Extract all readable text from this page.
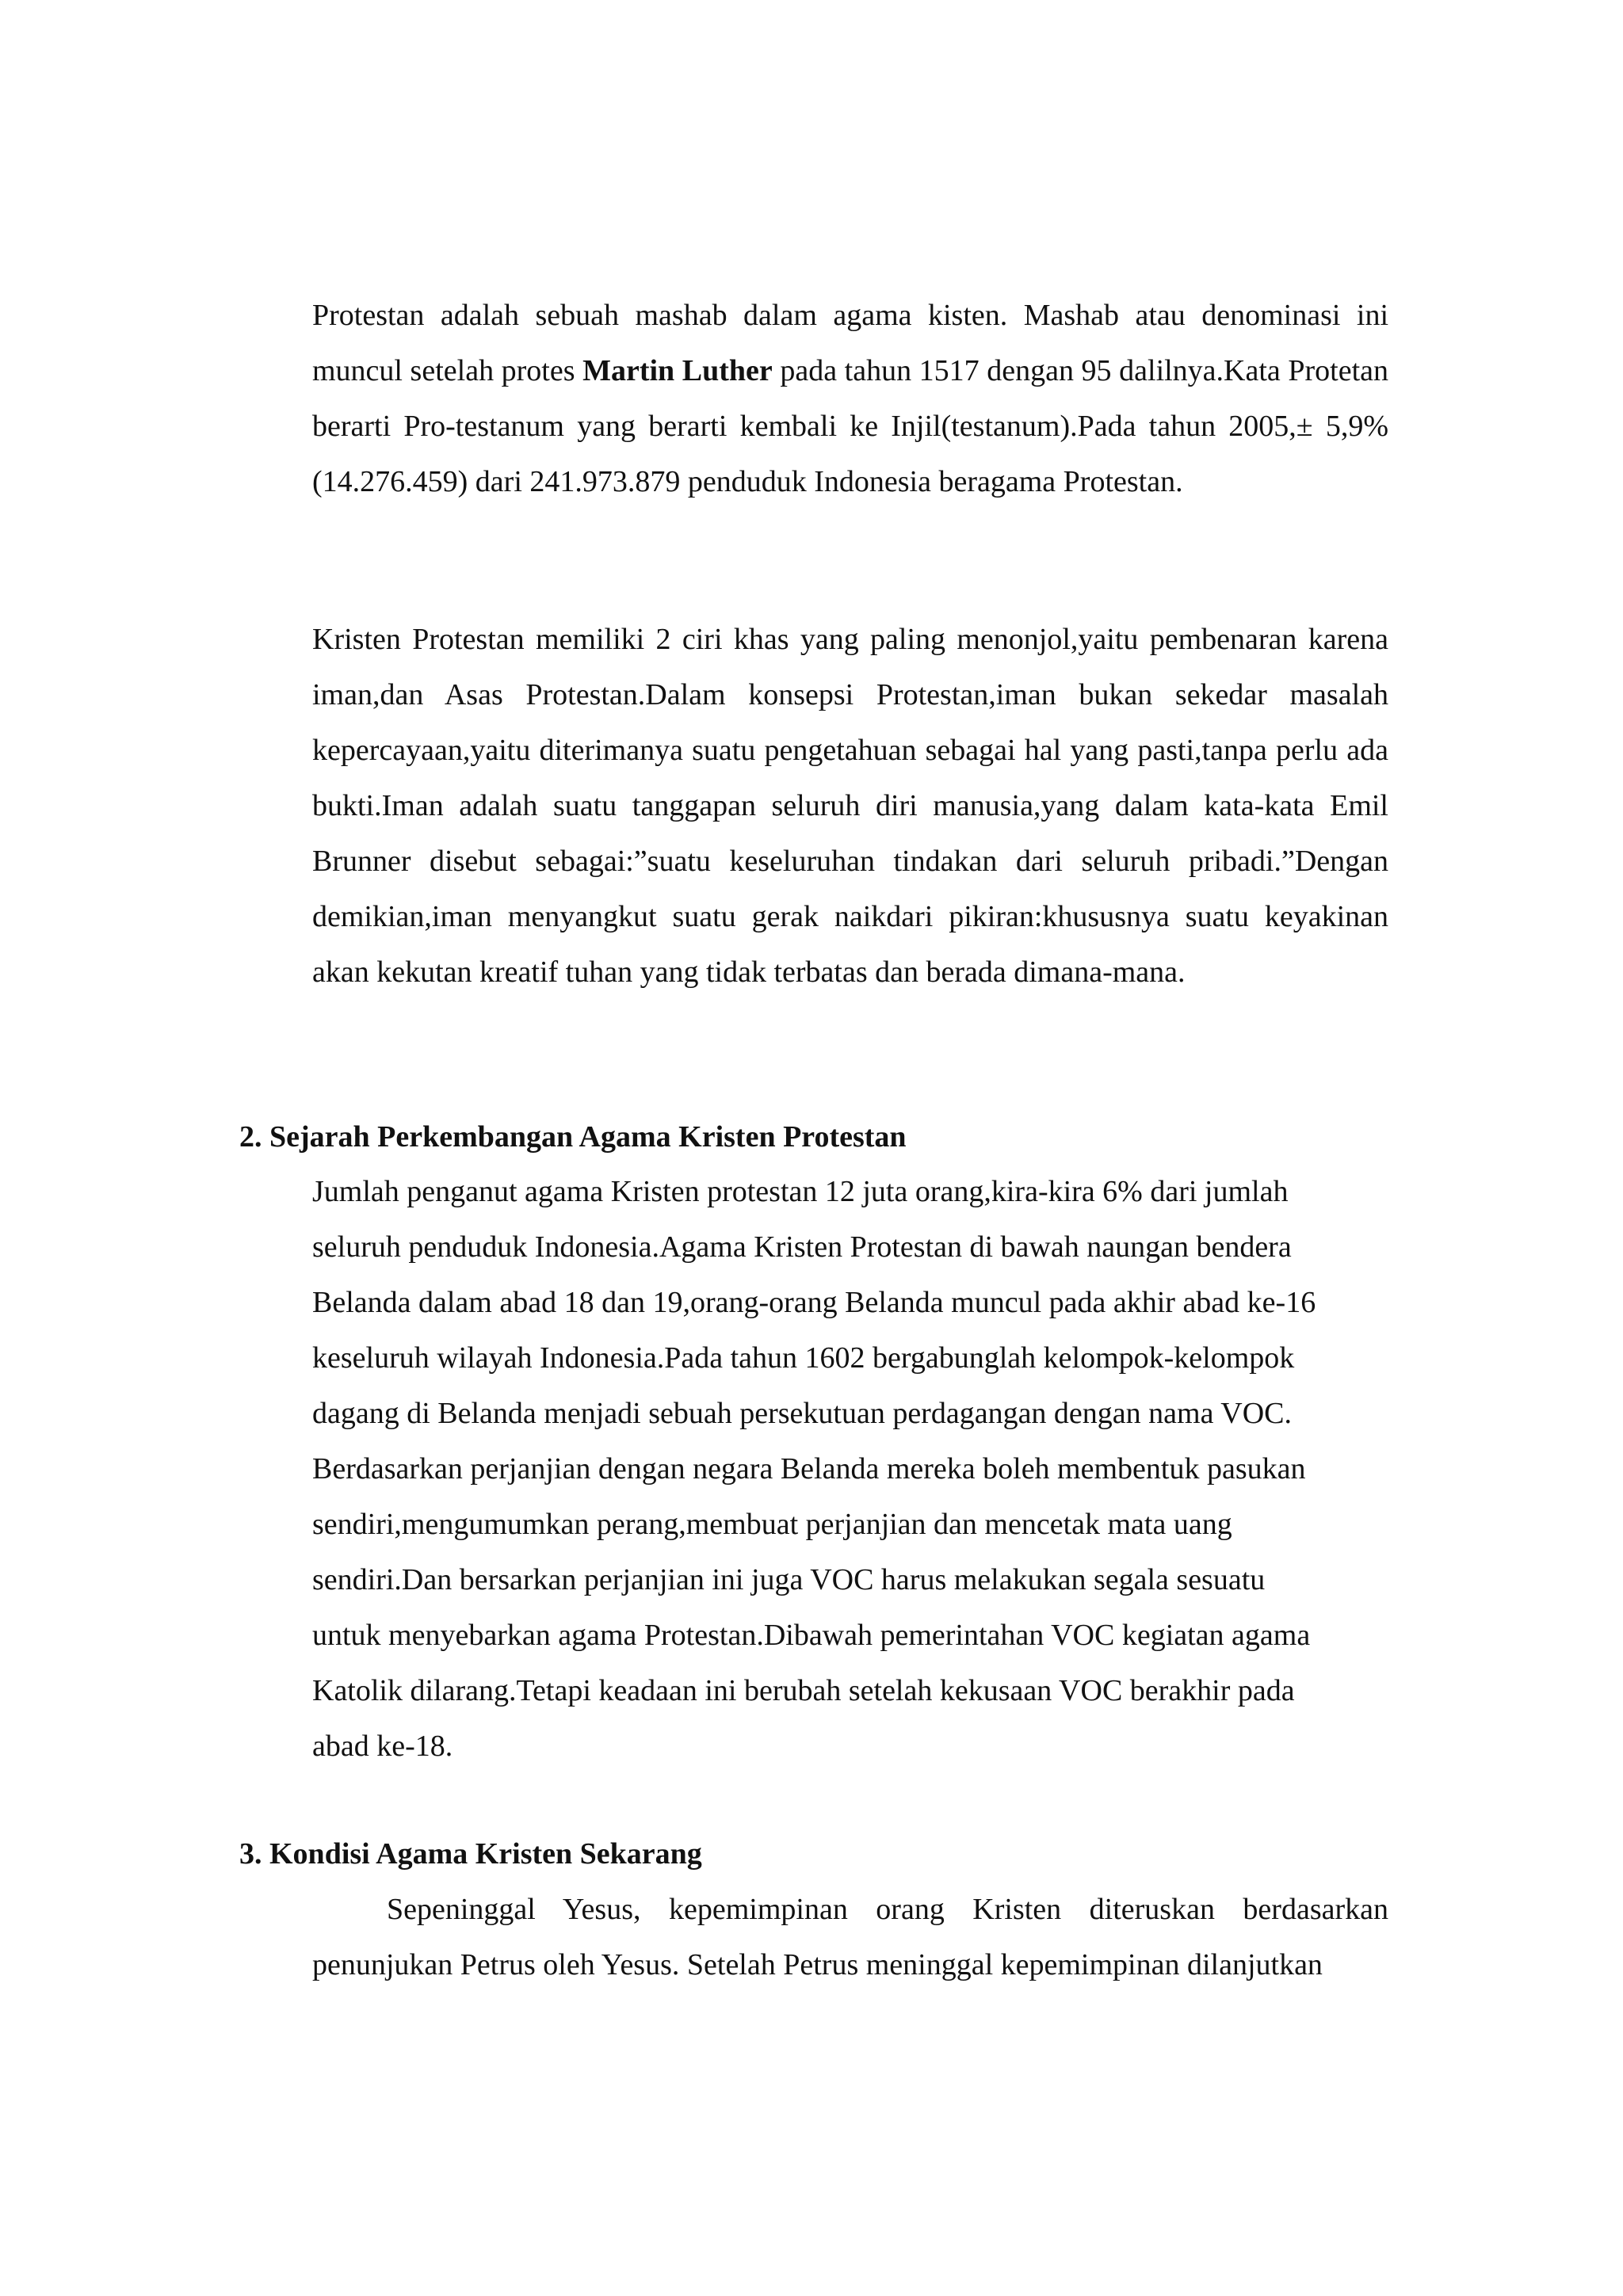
Protestan adalah sebuah mashab dalam agama kisten. Mashab atau denominasi ini muncul setelah protes Martin Luther pada tahun 1517 dengan 95 dalilnya.Kata Protetan berarti Pro-testanum yang berarti kembali ke Injil(testanum).Pada tahun 2005,± 5,9%(14.276.459) dari 241.973.879 penduduk Indonesia beragama Protestan.

Kristen Protestan memiliki 2 ciri khas yang paling menonjol,yaitu pembenaran karena iman,dan Asas Protestan.Dalam konsepsi Protestan,iman bukan sekedar masalah kepercayaan,yaitu diterimanya suatu pengetahuan sebagai hal yang pasti,tanpa perlu ada bukti.Iman adalah suatu tanggapan seluruh diri manusia,yang dalam kata-kata Emil Brunner disebut sebagai:”suatu keseluruhan tindakan dari seluruh pribadi.”Dengan demikian,iman menyangkut suatu gerak naikdari pikiran:khususnya suatu keyakinan akan kekutan kreatif tuhan yang tidak terbatas dan berada dimana-mana.

2. Sejarah Perkembangan Agama Kristen Protestan
Jumlah penganut agama Kristen protestan 12 juta orang,kira-kira 6% dari jumlah
seluruh penduduk Indonesia.Agama Kristen Protestan di bawah naungan bendera
Belanda dalam abad 18 dan 19,orang-orang Belanda muncul pada akhir abad ke-16
keseluruh wilayah Indonesia.Pada tahun 1602 bergabunglah kelompok-kelompok
dagang di Belanda menjadi sebuah persekutuan perdagangan dengan nama VOC.
Berdasarkan perjanjian dengan negara Belanda mereka boleh membentuk pasukan
sendiri,mengumumkan perang,membuat perjanjian dan mencetak mata uang
sendiri.Dan bersarkan perjanjian ini juga VOC harus melakukan segala sesuatu
untuk menyebarkan agama Protestan.Dibawah pemerintahan VOC kegiatan agama
Katolik dilarang.Tetapi keadaan ini berubah setelah kekusaan VOC berakhir pada
abad ke-18.
3. Kondisi Agama Kristen Sekarang

Sepeninggal Yesus, kepemimpinan orang Kristen diteruskan berdasarkan penunjukan Petrus oleh Yesus. Setelah Petrus meninggal kepemimpinan dilanjutkan
